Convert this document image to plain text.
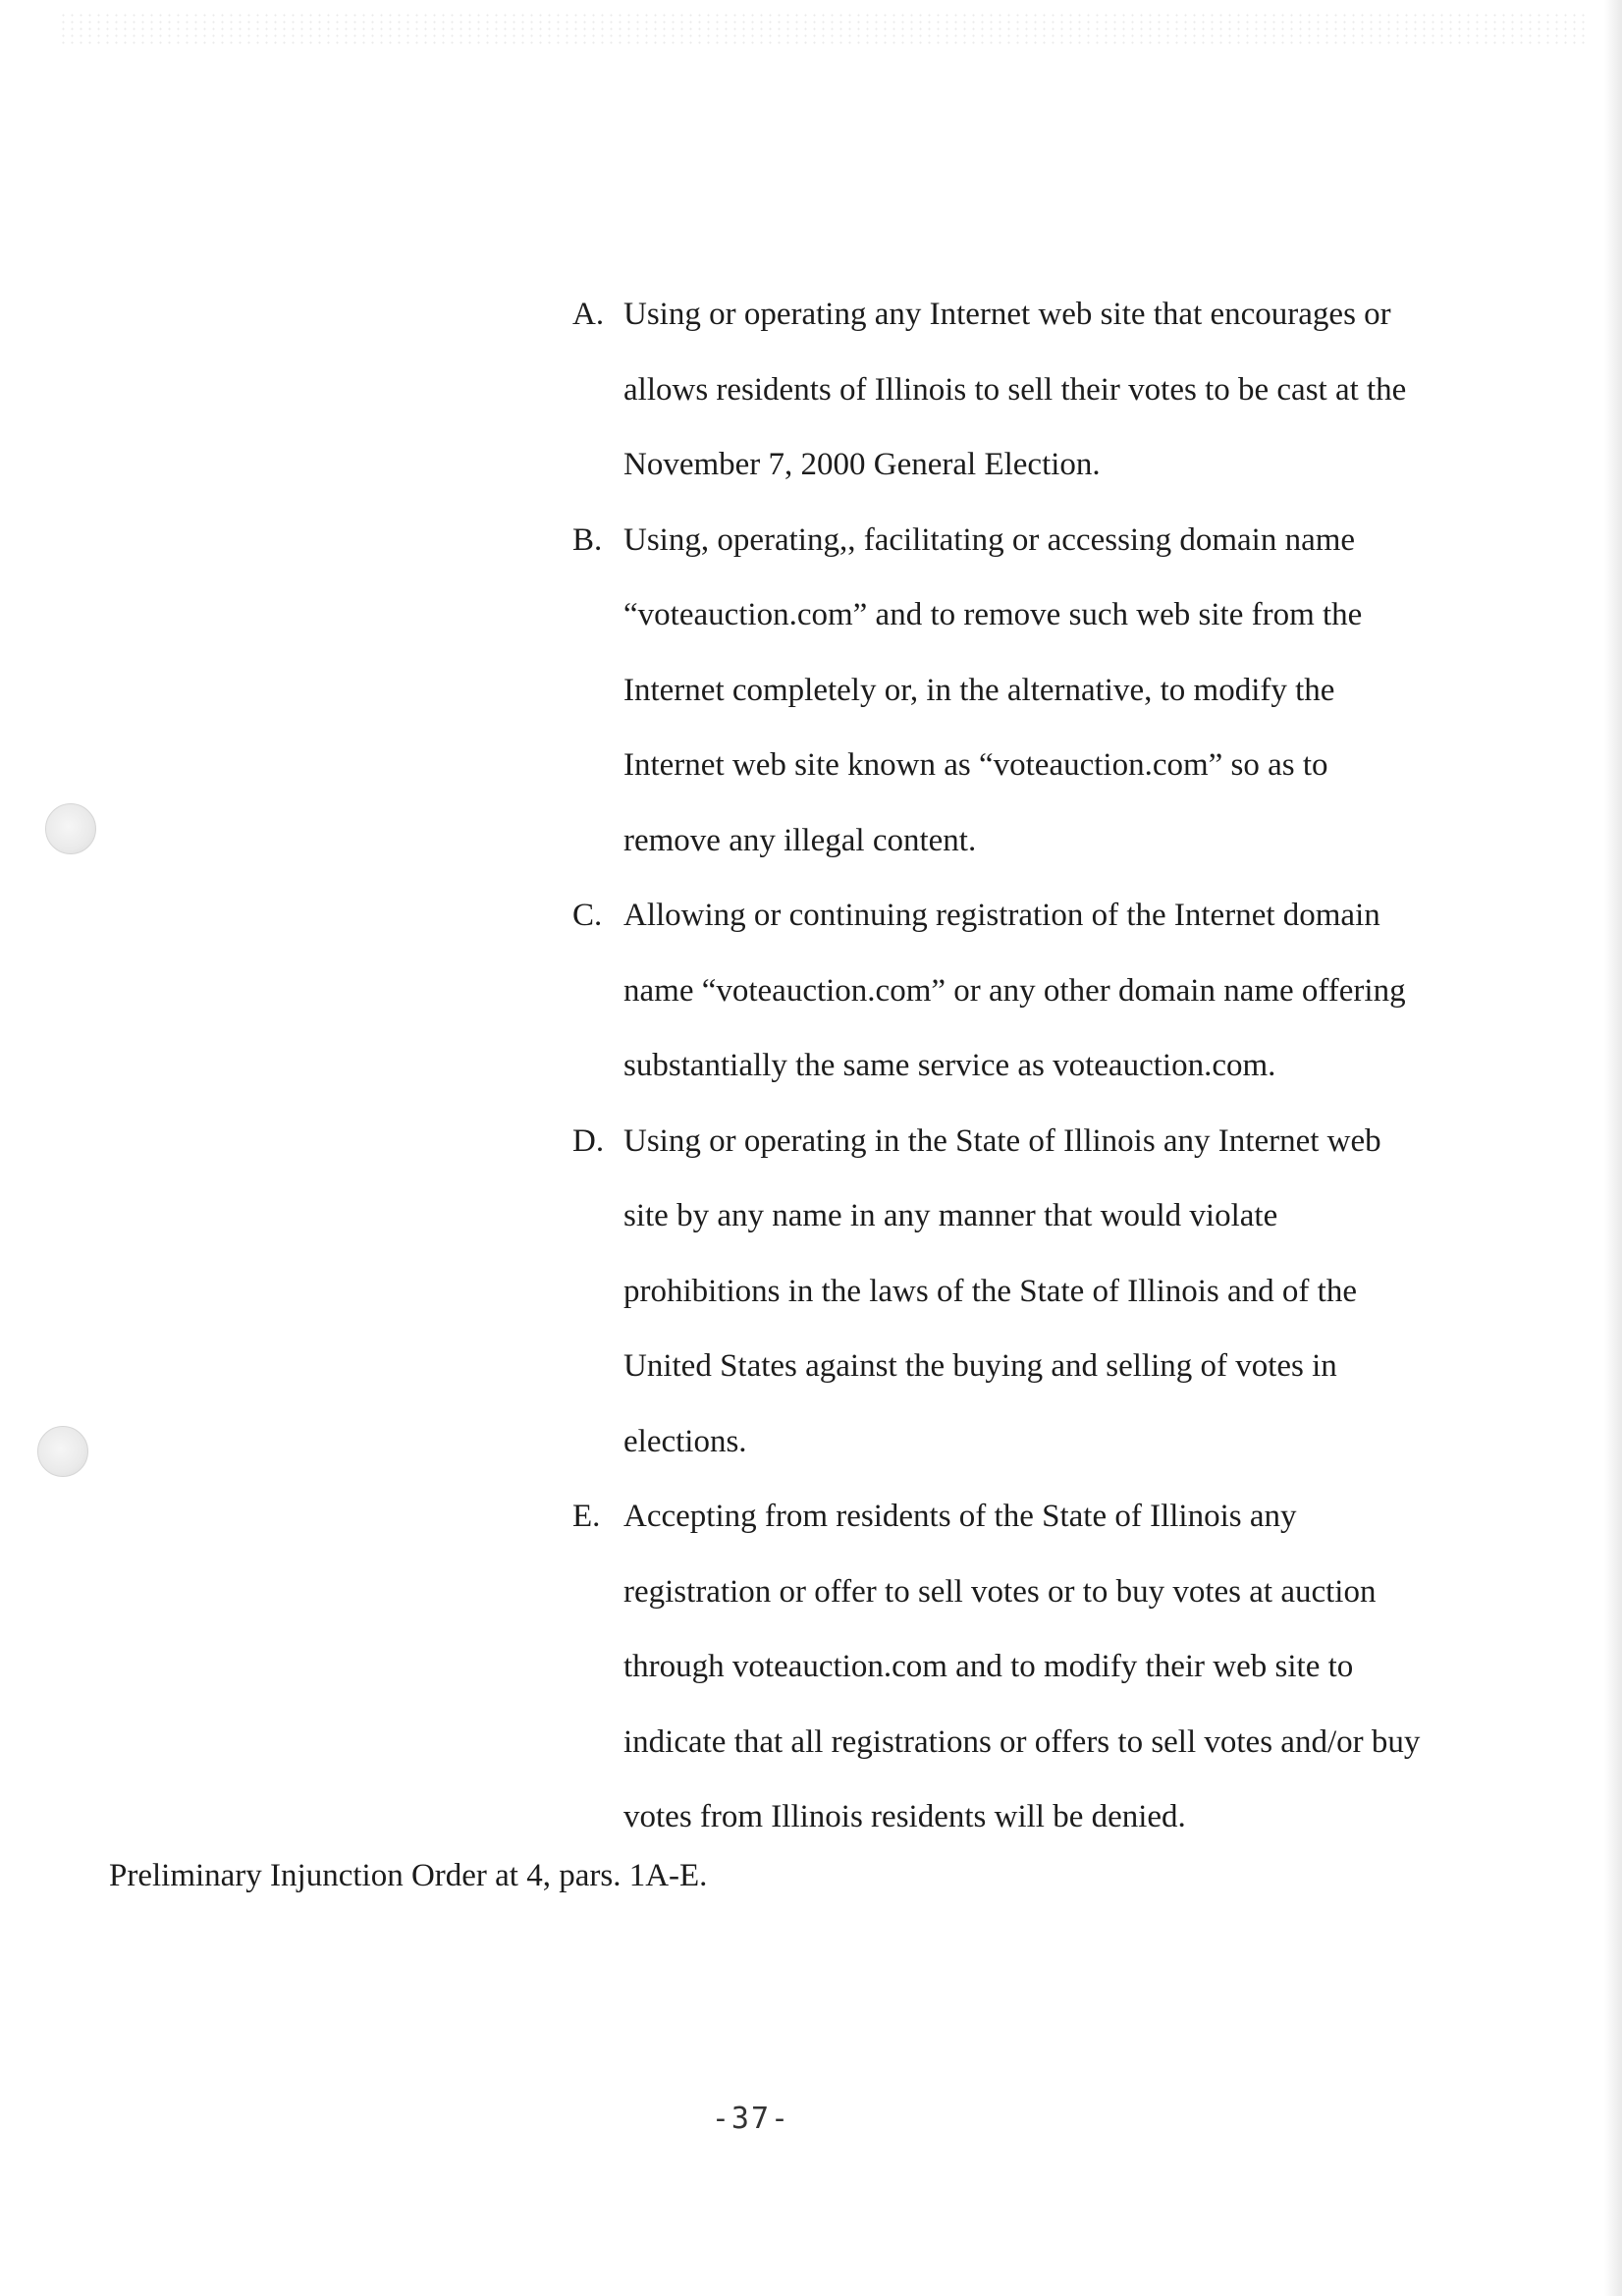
A. Using or operating any Internet web site that encourages or allows residents of Illinois to sell their votes to be cast at the November 7, 2000 General Election.
B. Using, operating,, facilitating or accessing domain name “voteauction.com” and to remove such web site from the Internet completely or, in the alternative, to modify the Internet web site known as “voteauction.com” so as to remove any illegal content.
C. Allowing or continuing registration of the Internet domain name “voteauction.com” or any other domain name offering substantially the same service as voteauction.com.
D. Using or operating in the State of Illinois any Internet web site by any name in any manner that would violate prohibitions in the laws of the State of Illinois and of the United States against the buying and selling of votes in elections.
E. Accepting from residents of the State of Illinois any registration or offer to sell votes or to buy votes at auction through voteauction.com and to modify their web site to indicate that all registrations or offers to sell votes and/or buy votes from Illinois residents will be denied.

Preliminary Injunction Order at 4, pars. 1A-E.

-37-
